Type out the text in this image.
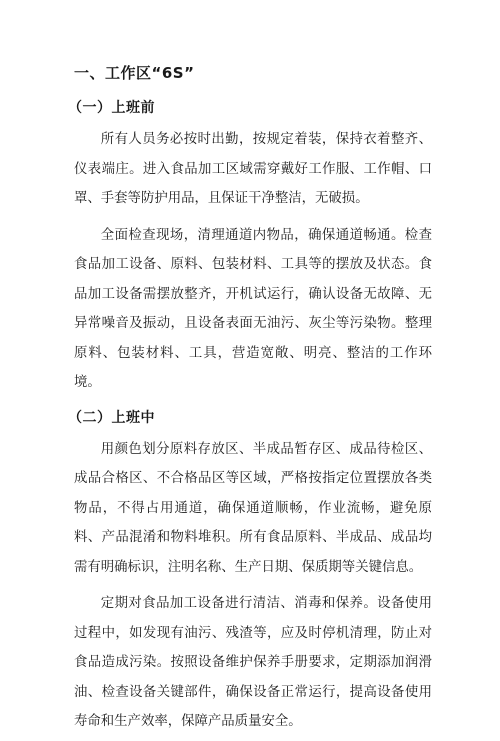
一、工作区“6S”
（一）上班前

所有人员务必按时出勤，按规定着装，保持衣着整齐、仪表端庄。进入食品加工区域需穿戴好工作服、工作帽、口罩、手套等防护用品，且保证干净整洁，无破损。

全面检查现场，清理通道内物品，确保通道畅通。检查食品加工设备、原料、包装材料、工具等的摆放及状态。食品加工设备需摆放整齐，开机试运行，确认设备无故障、无异常噪音及振动，且设备表面无油污、灰尘等污染物。整理原料、包装材料、工具，营造宽敞、明亮、整洁的工作环境。

（二）上班中

用颜色划分原料存放区、半成品暂存区、成品待检区、成品合格区、不合格品区等区域，严格按指定位置摆放各类物品，不得占用通道，确保通道顺畅，作业流畅，避免原料、产品混淆和物料堆积。所有食品原料、半成品、成品均需有明确标识，注明名称、生产日期、保质期等关键信息。

定期对食品加工设备进行清洁、消毒和保养。设备使用过程中，如发现有油污、残渣等，应及时停机清理，防止对食品造成污染。按照设备维护保养手册要求，定期添加润滑油、检查设备关键部件，确保设备正常运行，提高设备使用寿命和生产效率，保障产品质量安全。
